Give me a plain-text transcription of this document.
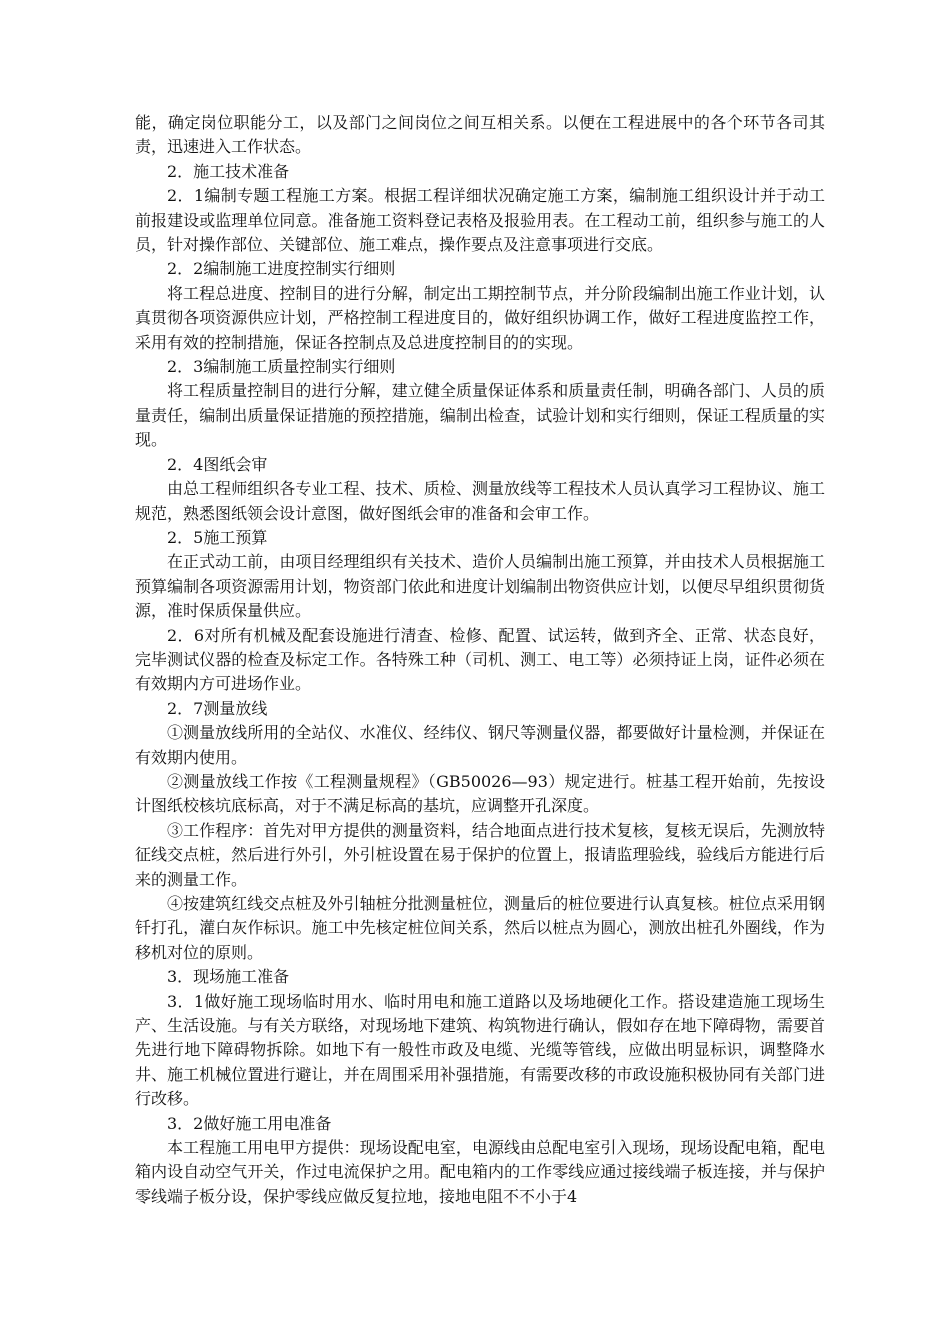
能，确定岗位职能分工，以及部门之间岗位之间互相关系。以便在工程进展中的各个环节各司其责，迅速进入工作状态。

2．施工技术准备

2．1编制专题工程施工方案。根据工程详细状况确定施工方案，编制施工组织设计并于动工前报建设或监理单位同意。准备施工资料登记表格及报验用表。在工程动工前，组织参与施工的人员，针对操作部位、关键部位、施工难点，操作要点及注意事项进行交底。

2．2编制施工进度控制实行细则

将工程总进度、控制目的进行分解，制定出工期控制节点，并分阶段编制出施工作业计划，认真贯彻各项资源供应计划，严格控制工程进度目的，做好组织协调工作，做好工程进度监控工作，采用有效的控制措施，保证各控制点及总进度控制目的的实现。

2．3编制施工质量控制实行细则

将工程质量控制目的进行分解，建立健全质量保证体系和质量责任制，明确各部门、人员的质量责任，编制出质量保证措施的预控措施，编制出检查，试验计划和实行细则，保证工程质量的实现。

2．4图纸会审

由总工程师组织各专业工程、技术、质检、测量放线等工程技术人员认真学习工程协议、施工规范，熟悉图纸领会设计意图，做好图纸会审的准备和会审工作。

2．5施工预算

在正式动工前，由项目经理组织有关技术、造价人员编制出施工预算，并由技术人员根据施工预算编制各项资源需用计划，物资部门依此和进度计划编制出物资供应计划，以便尽早组织贯彻货源，准时保质保量供应。

2．6对所有机械及配套设施进行清查、检修、配置、试运转，做到齐全、正常、状态良好，完毕测试仪器的检查及标定工作。各特殊工种（司机、测工、电工等）必须持证上岗，证件必须在有效期内方可进场作业。

2．7测量放线

①测量放线所用的全站仪、水准仪、经纬仪、钢尺等测量仪器，都要做好计量检测，并保证在有效期内使用。

②测量放线工作按《工程测量规程》（GB50026—93）规定进行。桩基工程开始前，先按设计图纸校核坑底标高，对于不满足标高的基坑，应调整开孔深度。

③工作程序：首先对甲方提供的测量资料，结合地面点进行技术复核，复核无误后，先测放特征线交点桩，然后进行外引，外引桩设置在易于保护的位置上，报请监理验线，验线后方能进行后来的测量工作。

④按建筑红线交点桩及外引轴桩分批测量桩位，测量后的桩位要进行认真复核。桩位点采用钢钎打孔，灌白灰作标识。施工中先核定桩位间关系，然后以桩点为圆心，测放出桩孔外圈线，作为移机对位的原则。

3．现场施工准备

3．1做好施工现场临时用水、临时用电和施工道路以及场地硬化工作。搭设建造施工现场生产、生活设施。与有关方联络，对现场地下建筑、构筑物进行确认，假如存在地下障碍物，需要首先进行地下障碍物拆除。如地下有一般性市政及电缆、光缆等管线，应做出明显标识，调整降水井、施工机械位置进行避让，并在周围采用补强措施，有需要改移的市政设施积极协同有关部门进行改移。

3．2做好施工用电准备

本工程施工用电甲方提供：现场设配电室，电源线由总配电室引入现场，现场设配电箱，配电箱内设自动空气开关，作过电流保护之用。配电箱内的工作零线应通过接线端子板连接，并与保护零线端子板分设，保护零线应做反复拉地，接地电阻不不小于4
